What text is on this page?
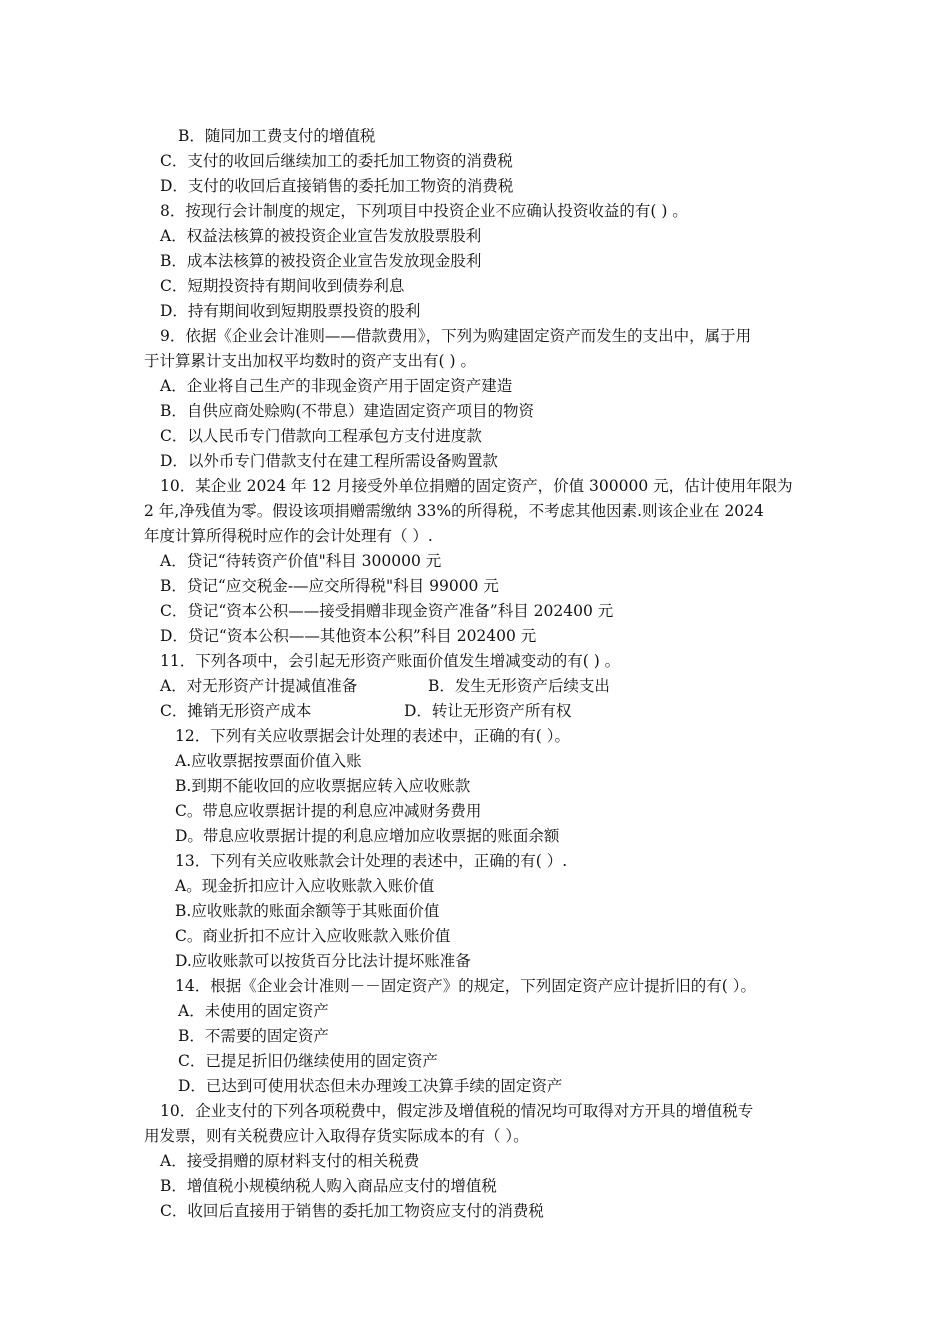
B．随同加工费支付的增值税
C．支付的收回后继续加工的委托加工物资的消费税
D．支付的收回后直接销售的委托加工物资的消费税
8．按现行会计制度的规定，下列项目中投资企业不应确认投资收益的有( ) 。
A．权益法核算的被投资企业宣告发放股票股利
B．成本法核算的被投资企业宣告发放现金股利
C．短期投资持有期间收到债券利息
D．持有期间收到短期股票投资的股利
9．依据《企业会计准则——借款费用》，下列为购建固定资产而发生的支出中，属于用
于计算累计支出加权平均数时的资产支出有( ) 。
A．企业将自己生产的非现金资产用于固定资产建造
B．自供应商处赊购(不带息）建造固定资产项目的物资
C．以人民币专门借款向工程承包方支付进度款
D．以外币专门借款支付在建工程所需设备购置款
10．某企业 2024 年 12 月接受外单位捐赠的固定资产，价值 300000 元，估计使用年限为
2 年,净残值为零。假设该项捐赠需缴纳 33%的所得税，不考虑其他因素.则该企业在 2024
年度计算所得税时应作的会计处理有（ ）.
A．贷记“待转资产价值"科目 300000 元
B．贷记“应交税金-—应交所得税"科目 99000 元
C．贷记“资本公积——接受捐赠非现金资产准备”科目 202400 元
D．贷记“资本公积——其他资本公积”科目 202400 元
11．下列各项中，会引起无形资产账面价值发生增减变动的有( ) 。
A．对无形资产计提减值准备	B．发生无形资产后续支出
C．摊销无形资产成本	D．转让无形资产所有权
12．下列有关应收票据会计处理的表述中，正确的有( ）。
A.应收票据按票面价值入账
B.到期不能收回的应收票据应转入应收账款
C。带息应收票据计提的利息应冲减财务费用
D。带息应收票据计提的利息应增加应收票据的账面余额
13．下列有关应收账款会计处理的表述中，正确的有( ）.
A。现金折扣应计入应收账款入账价值
B.应收账款的账面余额等于其账面价值
C。商业折扣不应计入应收账款入账价值
D.应收账款可以按货百分比法计提坏账准备
14．根据《企业会计准则－－固定资产》的规定，下列固定资产应计提折旧的有( ）。
A．未使用的固定资产
B．不需要的固定资产
C．已提足折旧仍继续使用的固定资产
D．已达到可使用状态但未办理竣工决算手续的固定资产
10．企业支付的下列各项税费中，假定涉及增值税的情况均可取得对方开具的增值税专
用发票，则有关税费应计入取得存货实际成本的有（ ）。
A．接受捐赠的原材料支付的相关税费
B．增值税小规模纳税人购入商品应支付的增值税
C．收回后直接用于销售的委托加工物资应支付的消费税
